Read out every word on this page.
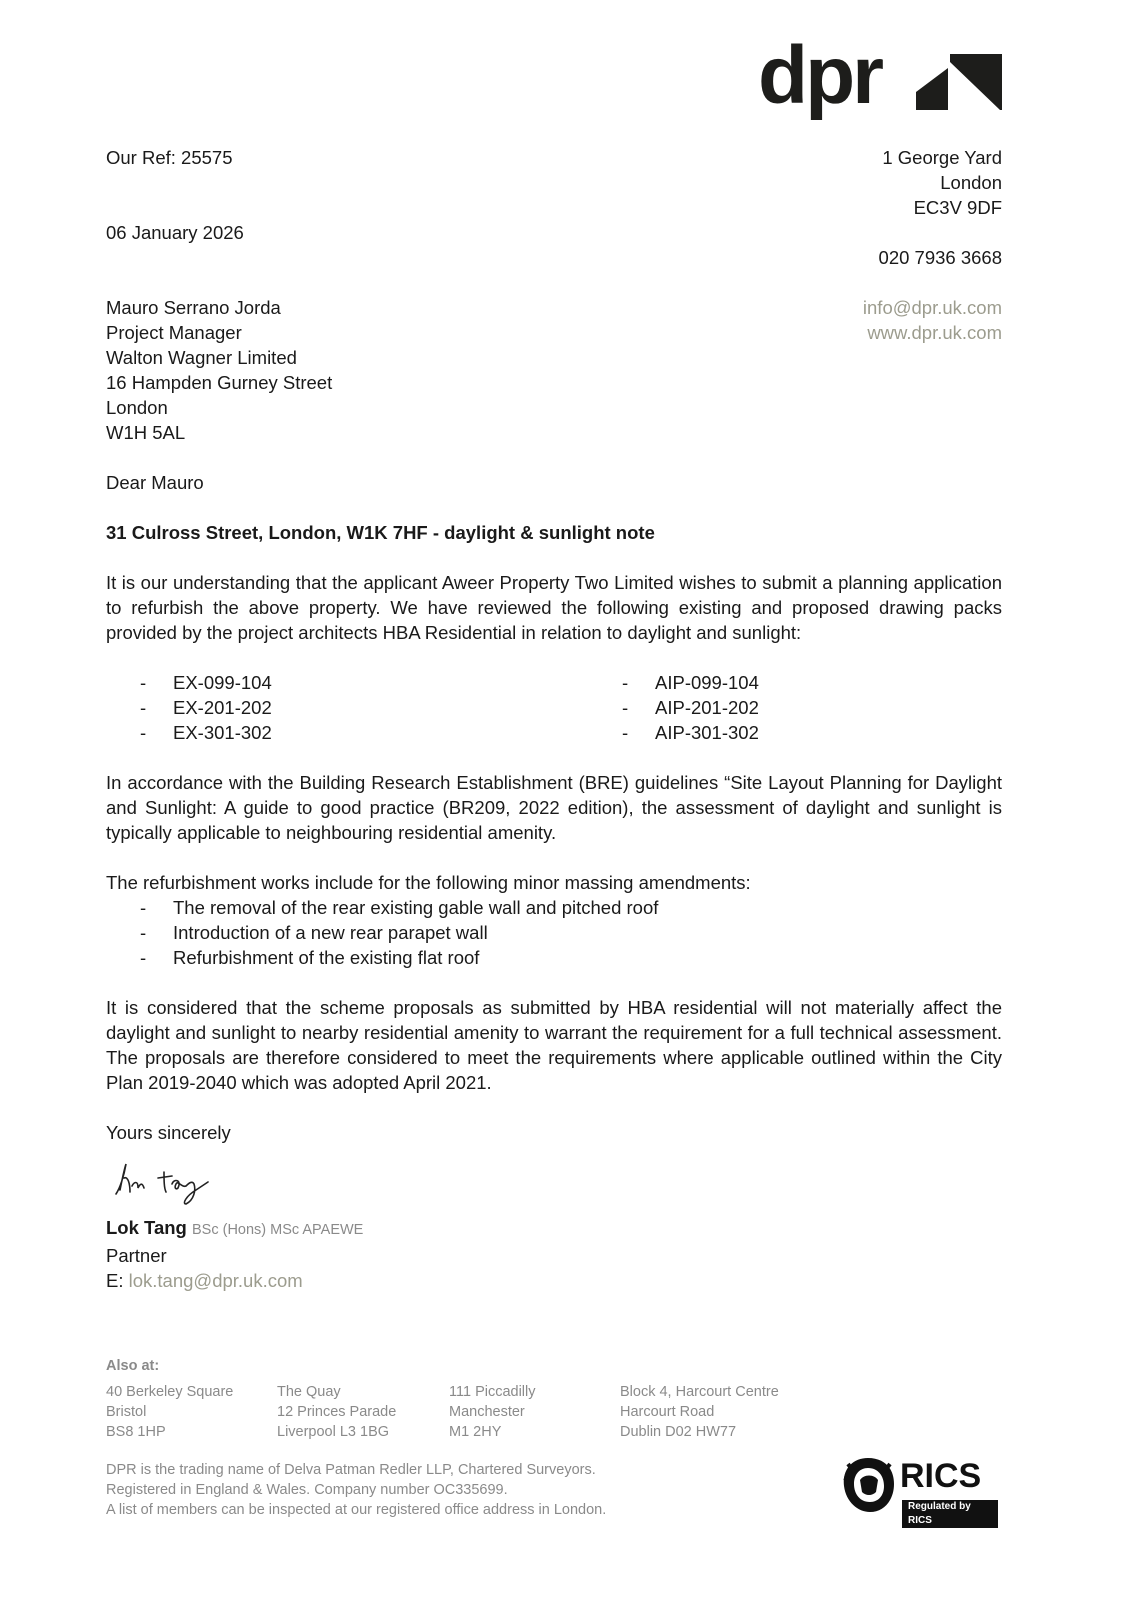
dpr
Our Ref: 25575
06 January 2026
1 George Yard
London
EC3V 9DF
020 7936 3668
info@dpr.uk.com
www.dpr.uk.com
Mauro Serrano Jorda
Project Manager
Walton Wagner Limited
16 Hampden Gurney Street
London
W1H 5AL
Dear Mauro
31 Culross Street, London, W1K 7HF - daylight & sunlight note

It is our understanding that the applicant Aweer Property Two Limited wishes to submit a planning application to refurbish the above property. We have reviewed the following existing and proposed drawing packs provided by the project architects HBA Residential in relation to daylight and sunlight:

- EX-099-104
- EX-201-202
- EX-301-302
- AIP-099-104
- AIP-201-202
- AIP-301-302

In accordance with the Building Research Establishment (BRE) guidelines “Site Layout Planning for Daylight and Sunlight: A guide to good practice (BR209, 2022 edition), the assessment of daylight and sunlight is typically applicable to neighbouring residential amenity.

The refurbishment works include for the following minor massing amendments:
- The removal of the rear existing gable wall and pitched roof
- Introduction of a new rear parapet wall
- Refurbishment of the existing flat roof

It is considered that the scheme proposals as submitted by HBA residential will not materially affect the daylight and sunlight to nearby residential amenity to warrant the requirement for a full technical assessment. The proposals are therefore considered to meet the requirements where applicable outlined within the City Plan 2019-2040 which was adopted April 2021.

Yours sincerely
Lok Tang BSc (Hons) MSc APAEWE
Partner
E: lok.tang@dpr.uk.com
Also at:
40 Berkeley Square
Bristol
BS8 1HP
The Quay
12 Princes Parade
Liverpool L3 1BG
111 Piccadilly
Manchester
M1 2HY
Block 4, Harcourt Centre
Harcourt Road
Dublin D02 HW77
DPR is the trading name of Delva Patman Redler LLP, Chartered Surveyors.
Registered in England & Wales. Company number OC335699.
A list of members can be inspected at our registered office address in London.
RICS
Regulated by RICS
